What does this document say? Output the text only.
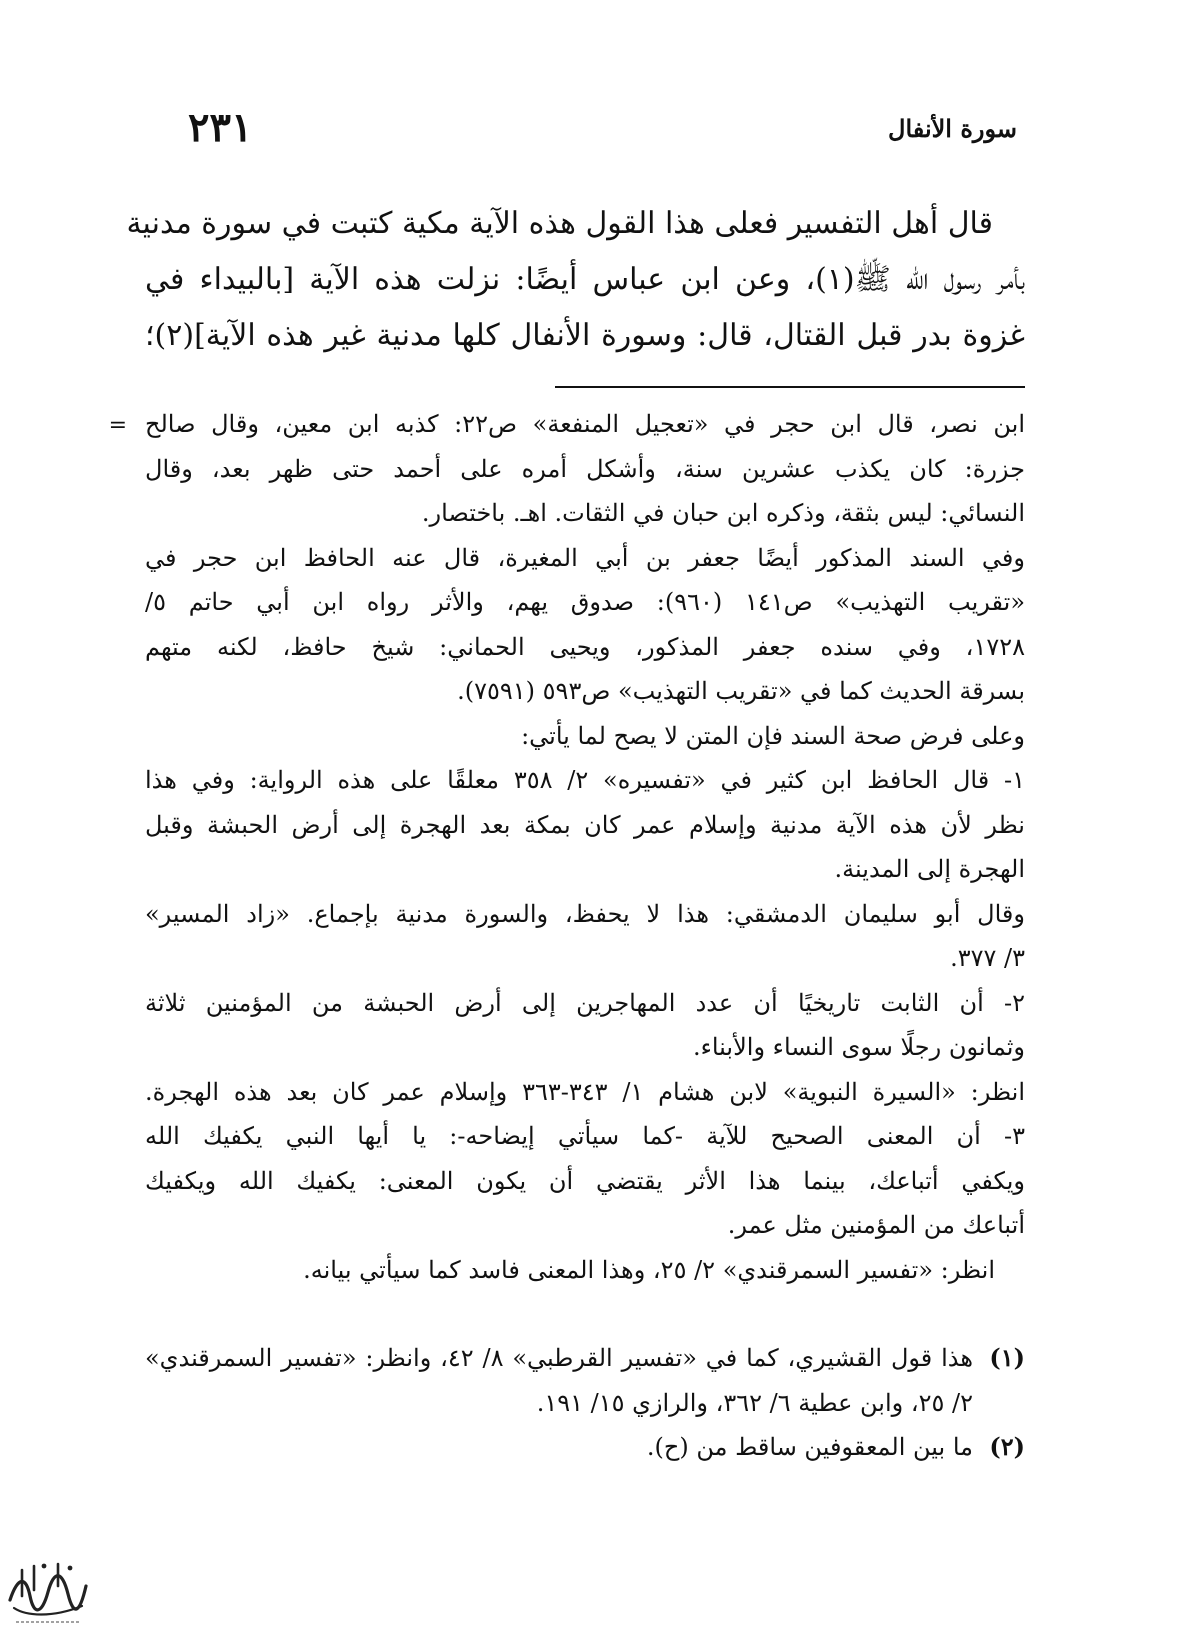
سورة الأنفال
٢٣١
قال أهل التفسير فعلى هذا القول هذه الآية مكية كتبت في سورة مدنية
بأمر رسول الله ﷺ(١)، وعن ابن عباس أيضًا: نزلت هذه الآية [بالبيداء في
غزوة بدر قبل القتال، قال: وسورة الأنفال كلها مدنية غير هذه الآية](٢)؛
= ابن نصر، قال ابن حجر في «تعجيل المنفعة» ص٢٢: كذبه ابن معين، وقال صالح
جزرة: كان يكذب عشرين سنة، وأشكل أمره على أحمد حتى ظهر بعد، وقال
النسائي: ليس بثقة، وذكره ابن حبان في الثقات. اهـ. باختصار.
وفي السند المذكور أيضًا جعفر بن أبي المغيرة، قال عنه الحافظ ابن حجر في
«تقريب التهذيب» ص١٤١ (٩٦٠): صدوق يهم، والأثر رواه ابن أبي حاتم ٥/
١٧٢٨، وفي سنده جعفر المذكور، ويحيى الحماني: شيخ حافظ، لكنه متهم
بسرقة الحديث كما في «تقريب التهذيب» ص٥٩٣ (٧٥٩١).
وعلى فرض صحة السند فإن المتن لا يصح لما يأتي:
١- قال الحافظ ابن كثير في «تفسيره» ٢/ ٣٥٨ معلقًا على هذه الرواية: وفي هذا
نظر لأن هذه الآية مدنية وإسلام عمر كان بمكة بعد الهجرة إلى أرض الحبشة وقبل
الهجرة إلى المدينة.
وقال أبو سليمان الدمشقي: هذا لا يحفظ، والسورة مدنية بإجماع. «زاد المسير»
٣/ ٣٧٧.
٢- أن الثابت تاريخيًا أن عدد المهاجرين إلى أرض الحبشة من المؤمنين ثلاثة
وثمانون رجلًا سوى النساء والأبناء.
انظر: «السيرة النبوية» لابن هشام ١/ ٣٤٣-٣٦٣ وإسلام عمر كان بعد هذه الهجرة.
٣- أن المعنى الصحيح للآية -كما سيأتي إيضاحه-: يا أيها النبي يكفيك الله
ويكفي أتباعك، بينما هذا الأثر يقتضي أن يكون المعنى: يكفيك الله ويكفيك
أتباعك من المؤمنين مثل عمر.
انظر: «تفسير السمرقندي» ٢/ ٢٥، وهذا المعنى فاسد كما سيأتي بيانه.
(١)
هذا قول القشيري، كما في «تفسير القرطبي» ٨/ ٤٢، وانظر: «تفسير السمرقندي»
٢/ ٢٥، وابن عطية ٦/ ٣٦٢، والرازي ١٥/ ١٩١.
(٢)
ما بين المعقوفين ساقط من (ح).
